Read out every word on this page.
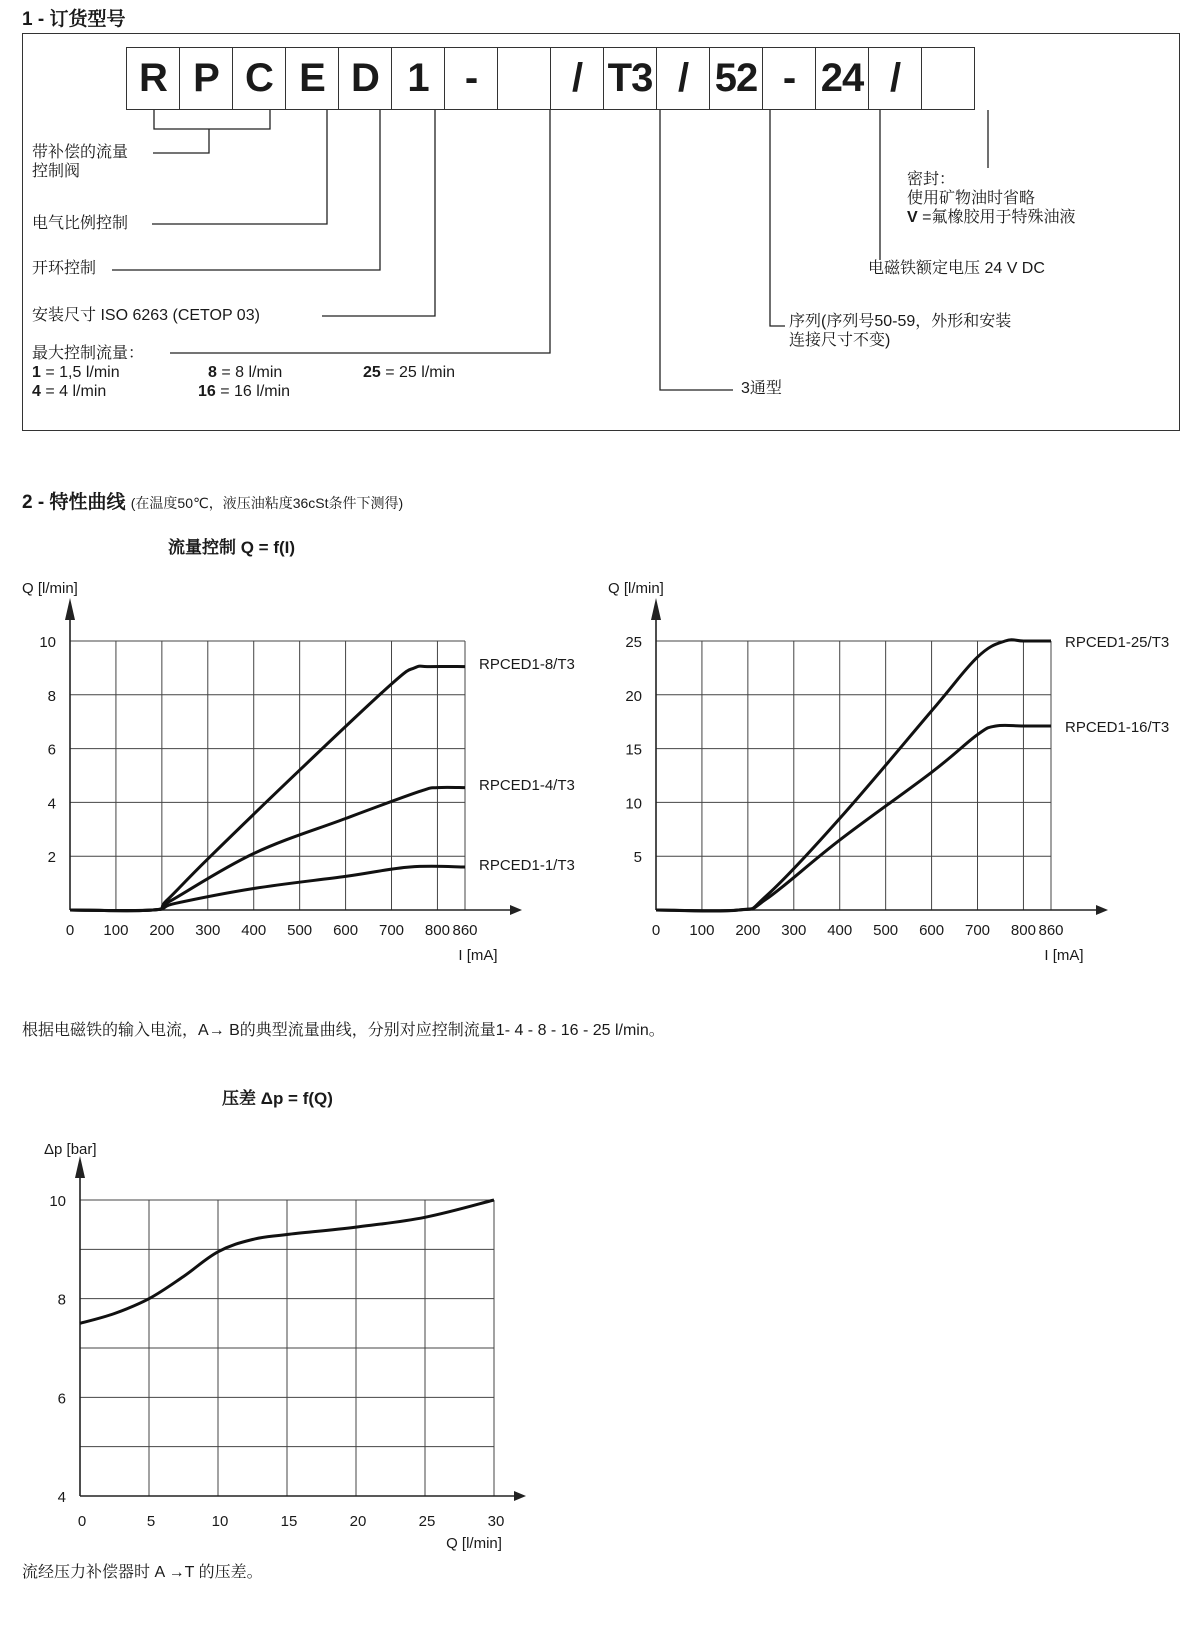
1 - 订货型号
R P C E D 1 -	/ T3 / 52 - 24 /
带补偿的流量
控制阀
电气比例控制
开环控制
安装尺寸 ISO 6263 (CETOP 03)
最大控制流量：
1 = 1,5 l/min
4 = 4 l/min
8 = 8 l/min
16 = 16 l/min
25 = 25 l/min
密封：
使用矿物油时省略
V =氟橡胶用于特殊油液
电磁铁额定电压 24 V DC
序列(序列号50-59，外形和安装
连接尺寸不变)
3通型
2 - 特性曲线 (在温度50℃，液压油粘度36cSt条件下测得)
流量控制 Q = f(I)
0 100 200 300 400 500 600 700 800 860
2
4
6
8
10
Q [l/min]
I [mA]
RPCED1-8/T3
RPCED1-4/T3
RPCED1-1/T3
0 100 200 300 400 500 600 700 800 860
5
10
15
20
25
Q [l/min]
I [mA]
RPCED1-25/T3
RPCED1-16/T3
根据电磁铁的输入电流，A→ B的典型流量曲线，分别对应控制流量1- 4 - 8 - 16 - 25 l/min。
压差 Δp = f(Q)
0	5	10	15	20	25	30
4
6
8
10
Δp [bar]
Q [l/min]
流经压力补偿器时 A →T 的压差。
